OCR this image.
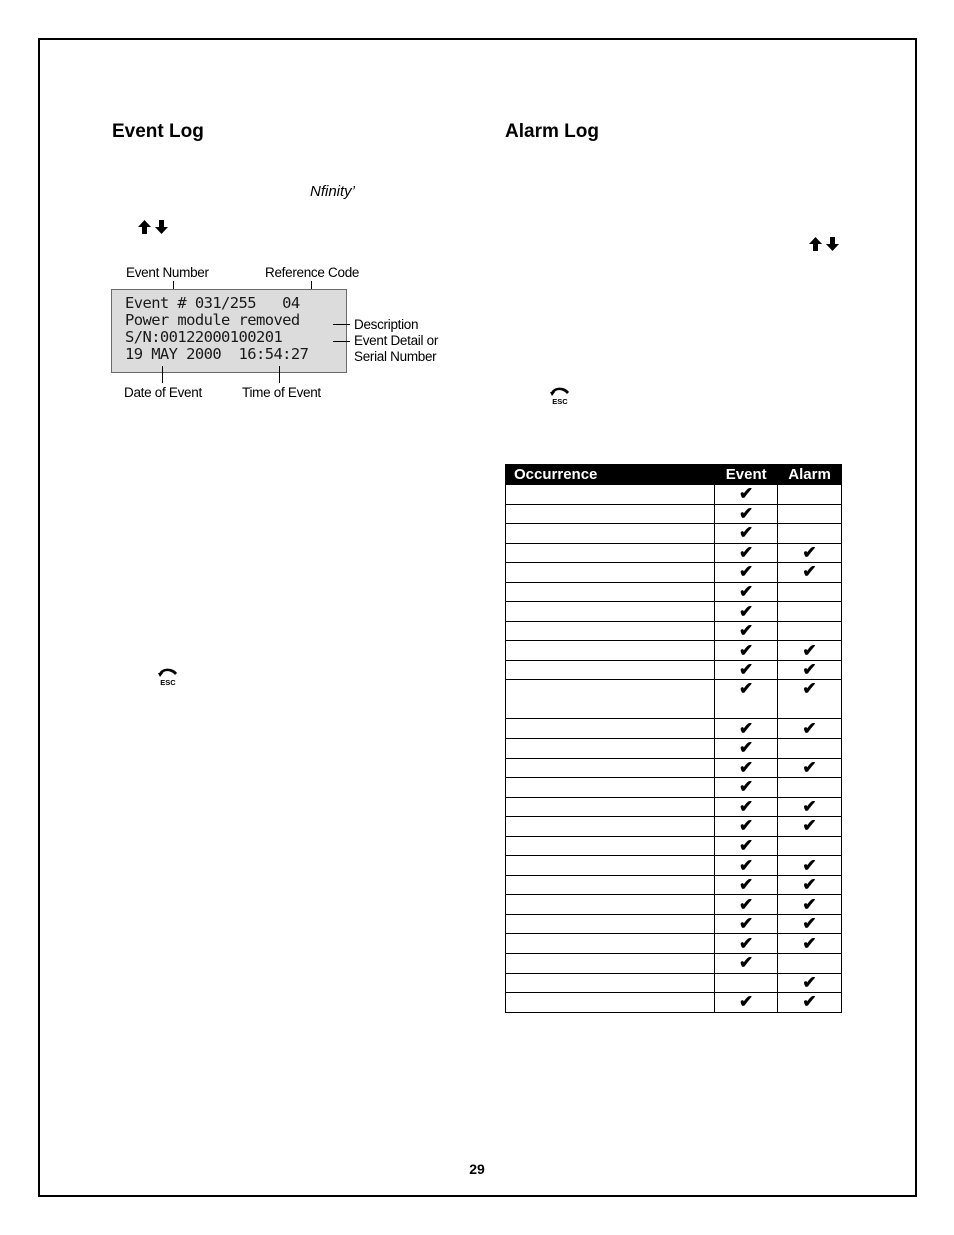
Event Log
Nfinity’
Event Number	Reference Code
Event # 031/255   04
Power module removed
S/N:00122000100201
19 MAY 2000  16:54:27
Description
Event Detail or
Serial Number
Date of Event	Time of Event
ESC
Alarm Log
ESC
Occurrence	Event	Alarm
	✔	
	✔	
	✔	
	✔	✔
	✔	✔
	✔	
	✔	
	✔	
	✔	✔
	✔	✔
	✔	✔
	✔	✔
	✔	
	✔	✔
	✔	
	✔	✔
	✔	✔
	✔	
	✔	✔
	✔	✔
	✔	✔
	✔	✔
	✔	✔
	✔	
		✔
	✔	✔
29
